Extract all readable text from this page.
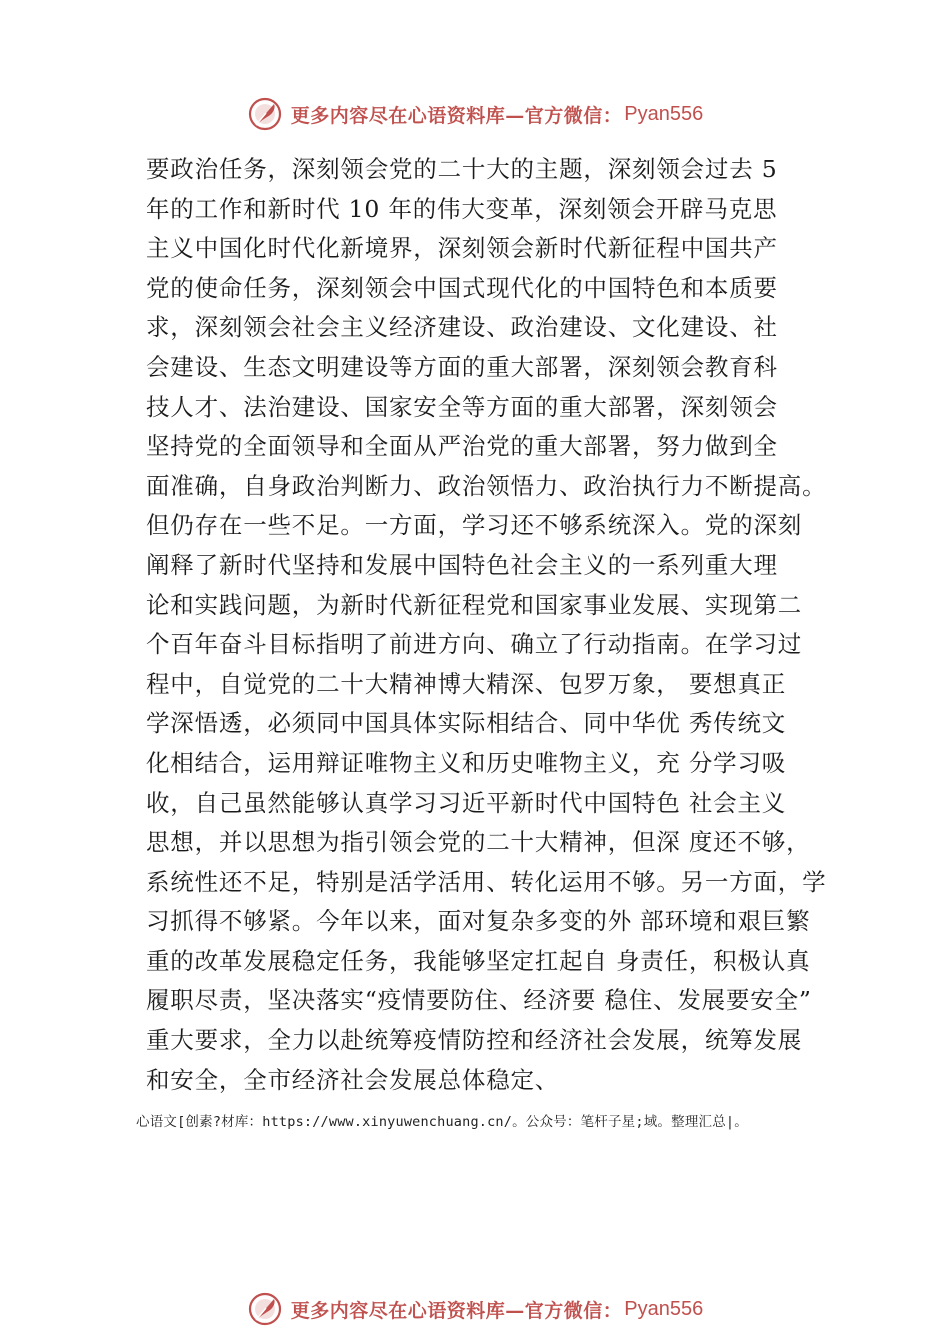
更多内容尽在心语资料库—官方微信： Pyan556
要政治任务，深刻领会党的二十大的主题，深刻领会过去 5
年的工作和新时代 10 年的伟大变革，深刻领会开辟马克思
主义中国化时代化新境界，深刻领会新时代新征程中国共产
党的使命任务，深刻领会中国式现代化的中国特色和本质要
求，深刻领会社会主义经济建设、政治建设、文化建设、社
会建设、生态文明建设等方面的重大部署，深刻领会教育科
技人才、法治建设、国家安全等方面的重大部署，深刻领会
坚持党的全面领导和全面从严治党的重大部署，努力做到全
面准确，自身政治判断力、政治领悟力、政治执行力不断提高。
但仍存在一些不足。一方面，学习还不够系统深入。党的深刻
阐释了新时代坚持和发展中国特色社会主义的一系列重大理
论和实践问题，为新时代新征程党和国家事业发展、实现第二
个百年奋斗目标指明了前进方向、确立了行动指南。在学习过
程中，自觉党的二十大精神博大精深、包罗万象， 要想真正
学深悟透，必须同中国具体实际相结合、同中华优 秀传统文
化相结合，运用辩证唯物主义和历史唯物主义，充 分学习吸
收，自己虽然能够认真学习习近平新时代中国特色 社会主义
思想，并以思想为指引领会党的二十大精神，但深 度还不够，
系统性还不足，特别是活学活用、转化运用不够。另一方面，学
习抓得不够紧。今年以来，面对复杂多变的外 部环境和艰巨繁
重的改革发展稳定任务，我能够坚定扛起自 身责任，积极认真
履职尽责，坚决落实“疫情要防住、经济要 稳住、发展要安全”
重大要求，全力以赴统筹疫情防控和经济社会发展，统筹发展
和安全，全市经济社会发展总体稳定、
心语文[创素?材库：https://www.xinyuwenchuang.cn/。公众号：笔杆子星;域。整理汇总|。
更多内容尽在心语资料库—官方微信： Pyan556
